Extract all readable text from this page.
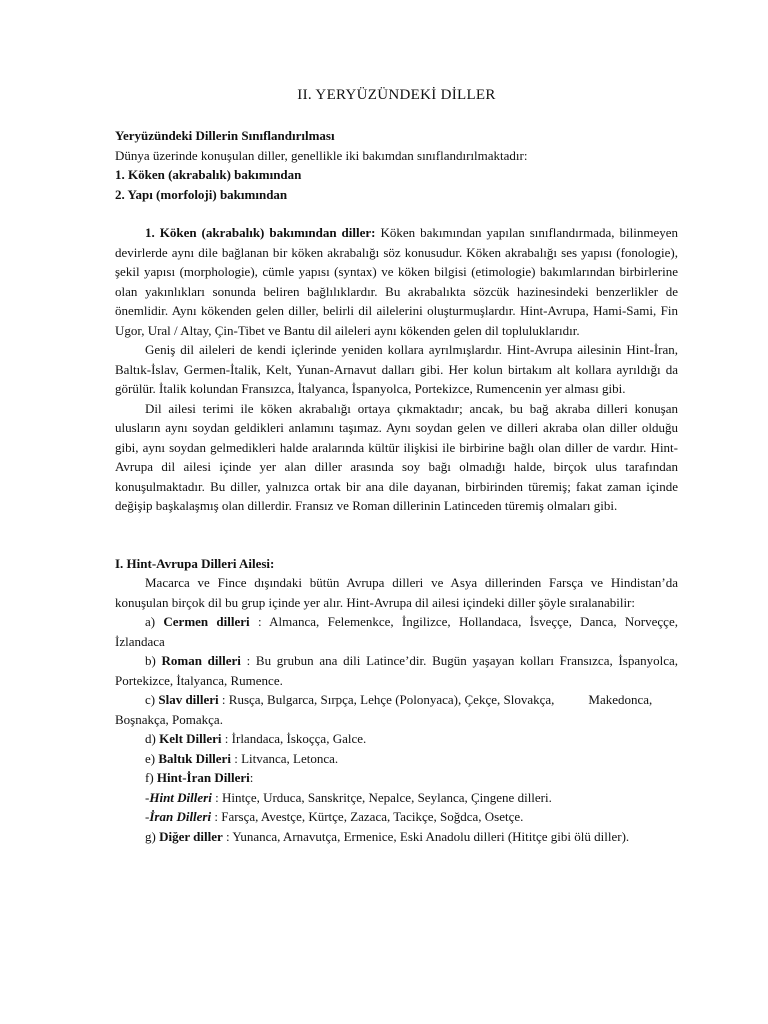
II. YERYÜZÜNDEKİ DİLLER

Yeryüzündeki Dillerin Sınıflandırılması

Dünya üzerinde konuşulan diller, genellikle iki bakımdan sınıflandırılmaktadır:

1. Köken (akrabalık) bakımından

2. Yapı (morfoloji) bakımından

1. Köken (akrabalık) bakımından diller: Köken bakımından yapılan sınıflandırmada, bilinmeyen devirlerde aynı dile bağlanan bir köken akrabalığı söz konusudur. Köken akrabalığı ses yapısı (fonologie), şekil yapısı (morphologie), cümle yapısı (syntax) ve köken bilgisi (etimologie) bakımlarından birbirlerine olan yakınlıkları sonunda beliren bağlılıklardır. Bu akrabalıkta sözcük hazinesindeki benzerlikler de önemlidir. Aynı kökenden gelen diller, belirli dil ailelerini oluşturmuşlardır. Hint-Avrupa, Hami-Sami, Fin Ugor, Ural / Altay, Çin-Tibet ve Bantu dil aileleri aynı kökenden gelen dil topluluklarıdır.

Geniş dil aileleri de kendi içlerinde yeniden kollara ayrılmışlardır. Hint-Avrupa ailesinin Hint-İran, Baltık-İslav, Germen-İtalik, Kelt, Yunan-Arnavut dalları gibi. Her kolun birtakım alt kollara ayrıldığı da görülür. İtalik kolundan Fransızca, İtalyanca, İspanyolca, Portekizce, Rumencenin yer alması gibi.

Dil ailesi terimi ile köken akrabalığı ortaya çıkmaktadır; ancak, bu bağ akraba dilleri konuşan ulusların aynı soydan geldikleri anlamını taşımaz. Aynı soydan gelen ve dilleri akraba olan diller olduğu gibi, aynı soydan gelmedikleri halde aralarında kültür ilişkisi ile birbirine bağlı olan diller de vardır. Hint-Avrupa dil ailesi içinde yer alan diller arasında soy bağı olmadığı halde, birçok ulus tarafından konuşulmaktadır. Bu diller, yalnızca ortak bir ana dile dayanan, birbirinden türemiş; fakat zaman içinde değişip başkalaşmış olan dillerdir. Fransız ve Roman dillerinin Latinceden türemiş olmaları gibi.

I. Hint-Avrupa Dilleri Ailesi:

Macarca ve Fince dışındaki bütün Avrupa dilleri ve Asya dillerinden Farsça ve Hindistan’da konuşulan birçok dil bu grup içinde yer alır. Hint-Avrupa dil ailesi içindeki diller şöyle sıralanabilir:

a) Cermen dilleri : Almanca, Felemenkce, İngilizce, Hollandaca, İsveççe, Danca, Norveççe, İzlandaca

b) Roman dilleri : Bu grubun ana dili Latince’dir. Bugün yaşayan kolları Fransızca, İspanyolca, Portekizce, İtalyanca, Rumence.

c) Slav dilleri : Rusça, Bulgarca, Sırpça, Lehçe (Polonyaca), Çekçe, Slovakça,	Makedonca, Boşnakça, Pomakça.

d) Kelt Dilleri : İrlandaca, İskoçça, Galce.

e) Baltık Dilleri : Litvanca, Letonca.

f) Hint-İran Dilleri:

-Hint Dilleri : Hintçe, Urduca, Sanskritçe, Nepalce, Seylanca, Çingene dilleri.

-İran Dilleri : Farsça, Avestçe, Kürtçe, Zazaca, Tacikçe, Soğdca, Osetçe.

g) Diğer diller : Yunanca, Arnavutça, Ermenice, Eski Anadolu dilleri (Hititçe gibi ölü diller).
